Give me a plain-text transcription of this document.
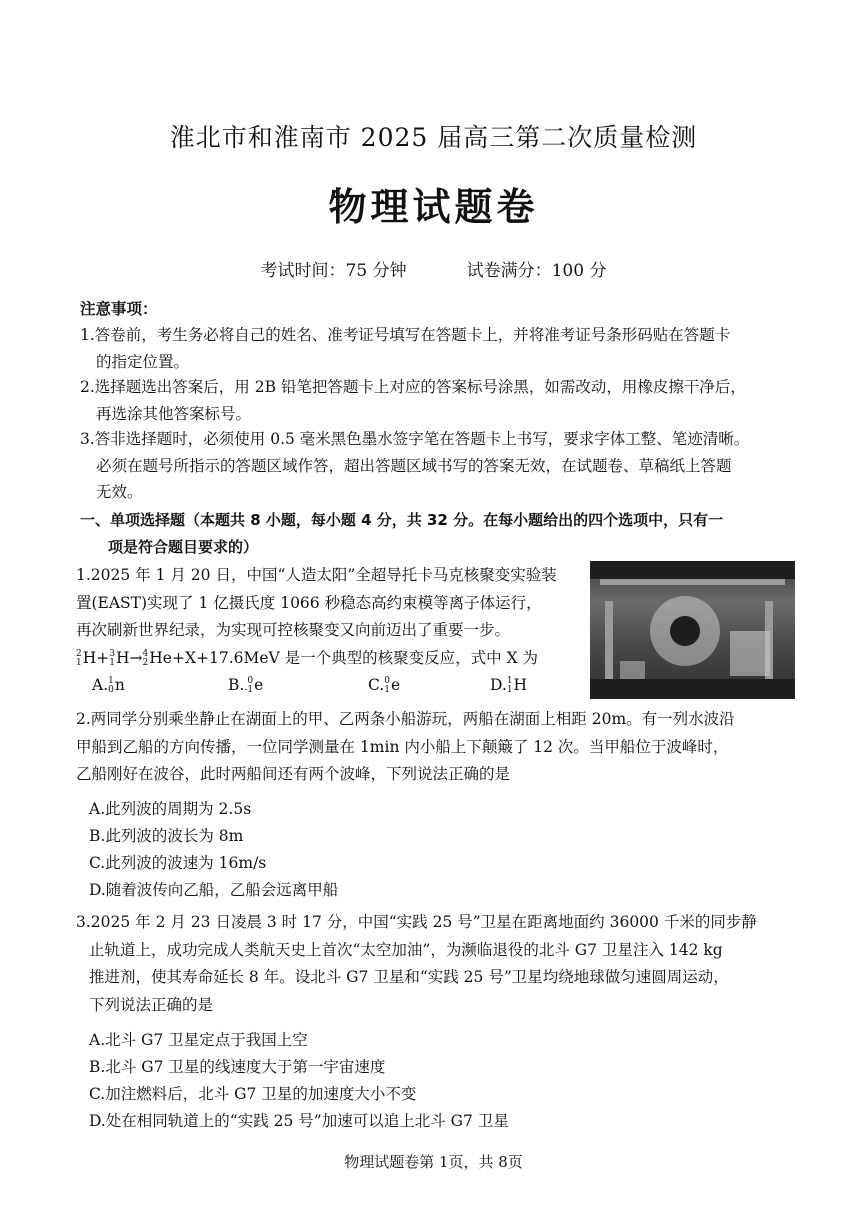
淮北市和淮南市 2025 届高三第二次质量检测
物理试题卷
考试时间：75 分钟	试卷满分：100 分
注意事项：
1.答卷前，考生务必将自己的姓名、准考证号填写在答题卡上，并将准考证号条形码贴在答题卡
的指定位置。
2.选择题选出答案后，用 2B 铅笔把答题卡上对应的答案标号涂黑，如需改动，用橡皮擦干净后，
再选涂其他答案标号。
3.答非选择题时，必须使用 0.5 毫米黑色墨水签字笔在答题卡上书写，要求字体工整、笔迹清晰。
必须在题号所指示的答题区域作答，超出答题区域书写的答案无效，在试题卷、草稿纸上答题
无效。
一、单项选择题（本题共 8 小题，每小题 4 分，共 32 分。在每小题给出的四个选项中，只有一
项是符合题目要求的）
1.2025 年 1 月 20 日，中国“人造太阳”全超导托卡马克核聚变实验装
置(EAST)实现了 1 亿摄氏度 1066 秒稳态高约束模等离子体运行，
再次刷新世界纪录，为实现可控核聚变又向前迈出了重要一步。
2
1 H+ 3
1 H→ 4
2 He+X+17.6MeV 是一个典型的核聚变反应，式中 X 为
A. 1
0 n	B. 0
-1 e	C. 0
1 e	D. 1
1 H
2.两同学分别乘坐静止在湖面上的甲、乙两条小船游玩，两船在湖面上相距 20m。有一列水波沿
甲船到乙船的方向传播，一位同学测量在 1min 内小船上下颠簸了 12 次。当甲船位于波峰时，
乙船刚好在波谷，此时两船间还有两个波峰，下列说法正确的是
A.此列波的周期为 2.5s
B.此列波的波长为 8m
C.此列波的波速为 16m/s
D.随着波传向乙船，乙船会远离甲船
3.2025 年 2 月 23 日凌晨 3 时 17 分，中国“实践 25 号”卫星在距离地面约 36000 千米的同步静
止轨道上，成功完成人类航天史上首次“太空加油”，为濒临退役的北斗 G7 卫星注入 142 kg
推进剂，使其寿命延长 8 年。设北斗 G7 卫星和“实践 25 号”卫星均绕地球做匀速圆周运动，
下列说法正确的是
A.北斗 G7 卫星定点于我国上空
B.北斗 G7 卫星的线速度大于第一宇宙速度
C.加注燃料后，北斗 G7 卫星的加速度大小不变
D.处在相同轨道上的“实践 25 号”加速可以追上北斗 G7 卫星
物理试题卷第 1页，共 8页
